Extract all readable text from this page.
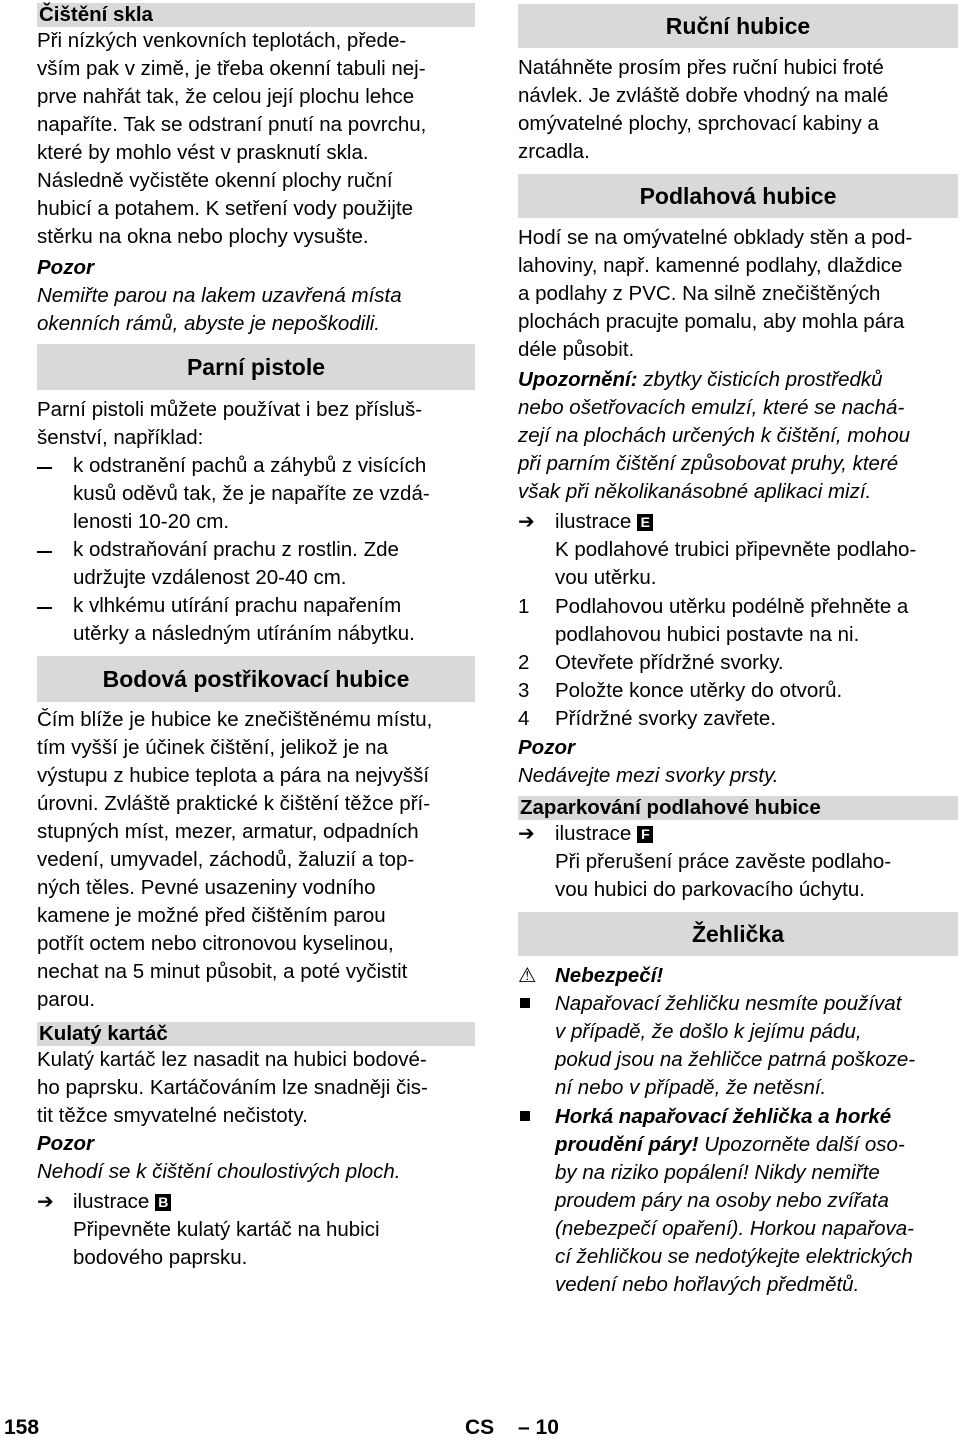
Čištění skla
Při nízkých venkovních teplotách, přede-
vším pak v zimě, je třeba okenní tabuli nej-
prve nahřát tak, že celou její plochu lehce
napaříte. Tak se odstraní pnutí na povrchu,
které by mohlo vést v prasknutí skla.
Následně vyčistěte okenní plochy ruční
hubicí a potahem. K setření vody použijte
stěrku na okna nebo plochy vysušte.
Pozor
Nemiřte parou na lakem uzavřená místa
okenních rámů, abyste je nepoškodili.
Parní pistole
Parní pistoli můžete používat i bez přísluš-
šenství, například:
k odstranění pachů a záhybů z visících
kusů oděvů tak, že je napaříte ze vzdá-
lenosti 10-20 cm.
k odstraňování prachu z rostlin. Zde
udržujte vzdálenost 20-40 cm.
k vlhkému utírání prachu napařením
utěrky a následným utíráním nábytku.
Bodová postřikovací hubice
Čím blíže je hubice ke znečištěnému místu,
tím vyšší je účinek čištění, jelikož je na
výstupu z hubice teplota a pára na nejvyšší
úrovni. Zvláště praktické k čištění těžce pří-
stupných míst, mezer, armatur, odpadních
vedení, umyvadel, záchodů, žaluzií a top-
ných těles. Pevné usazeniny vodního
kamene je možné před čištěním parou
potřít octem nebo citronovou kyselinou,
nechat na 5 minut působit, a poté vyčistit
parou.
Kulatý kartáč
Kulatý kartáč lez nasadit na hubici bodové-
ho paprsku. Kartáčováním lze snadněji čis-
tit těžce smyvatelné nečistoty.
Pozor
Nehodí se k čištění choulostivých ploch.
➔ ilustrace B
Připevněte kulatý kartáč na hubici
bodového paprsku.
Ruční hubice
Natáhněte prosím přes ruční hubici froté
návlek. Je zvláště dobře vhodný na malé
omývatelné plochy, sprchovací kabiny a
zrcadla.
Podlahová hubice
Hodí se na omývatelné obklady stěn a pod-
lahoviny, např. kamenné podlahy, dlaždice
a podlahy z PVC. Na silně znečištěných
plochách pracujte pomalu, aby mohla pára
déle působit.
Upozornění: zbytky čisticích prostředků
nebo ošetřovacích emulzí, které se nachá-
zejí na plochách určených k čištění, mohou
při parním čištění způsobovat pruhy, které
však při několikanásobné aplikaci mizí.
➔ ilustrace E
K podlahové trubici připevněte podlaho-
vou utěrku.
1 Podlahovou utěrku podélně přehněte a
podlahovou hubici postavte na ni.
2 Otevřete přídržné svorky.
3 Položte konce utěrky do otvorů.
4 Přídržné svorky zavřete.
Pozor
Nedávejte mezi svorky prsty.
Zaparkování podlahové hubice
➔ ilustrace F
Při přerušení práce zavěste podlaho-
vou hubici do parkovacího úchytu.
Žehlička
⚠ Nebezpečí!
Napařovací žehličku nesmíte používat
v případě, že došlo k jejímu pádu,
pokud jsou na žehličce patrná poškoze-
ní nebo v případě, že netěsní.
Horká napařovací žehlička a horké
proudění páry! Upozorněte další oso-
by na riziko popálení! Nikdy nemiřte
proudem páry na osoby nebo zvířata
(nebezpečí opaření). Horkou napařova-
cí žehličkou se nedotýkejte elektrických
vedení nebo hořlavých předmětů.
158	CS – 10
